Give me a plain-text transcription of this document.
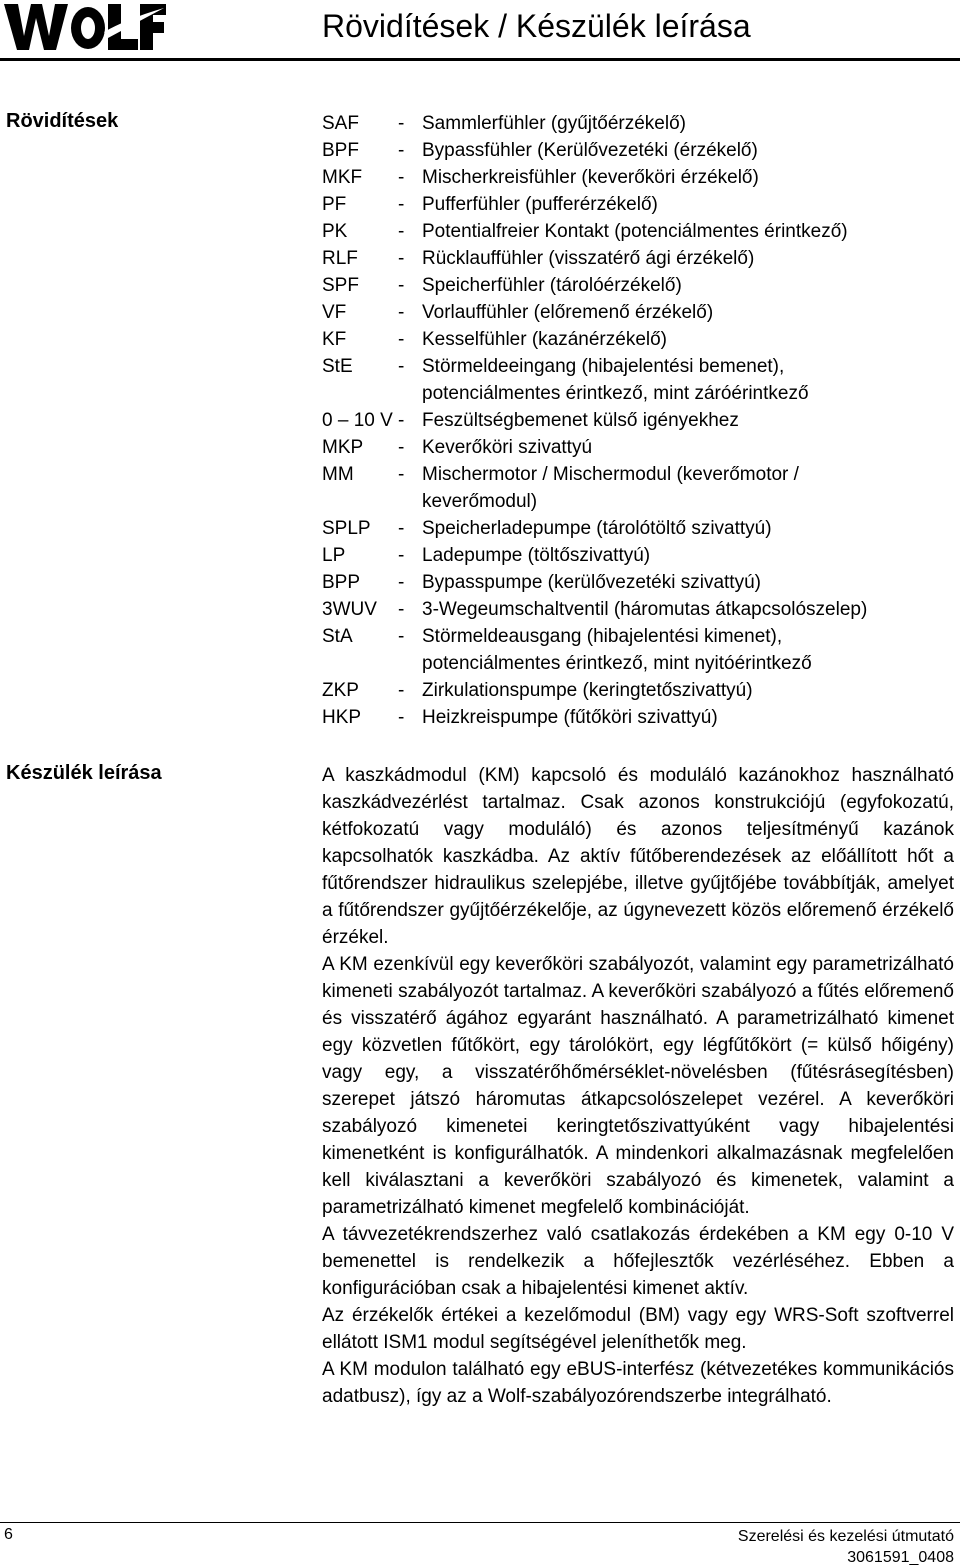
Rövidítések / Készülék leírása
Rövidítések	SAF - Sammlerfühler (gyűjtőérzékelő)
BPF - Bypassfühler (Kerülővezetéki (érzékelő)
MKF - Mischerkreisfühler (keverőköri érzékelő)
PF	- Pufferfühler (pufferérzékelő)
PK	- Potentialfreier Kontakt (potenciálmentes érintkező)
RLF - Rücklauffühler (visszatérő ági érzékelő)
SPF - Speicherfühler (tárolóérzékelő)
VF	- Vorlauffühler (előremenő érzékelő)
KF	- Kesselfühler (kazánérzékelő)
StE - Störmeldeeingang (hibajelentési bemenet),
potenciálmentes érintkező, mint záróérintkező
0 – 10 V - Feszültségbemenet külső igényekhez
MKP - Keverőköri szivattyú
MM - Mischermotor / Mischermodul (keverőmotor /
keverőmodul)
SPLP - Speicherladepumpe (tárolótöltő szivattyú)
LP	- Ladepumpe (töltőszivattyú)
BPP - Bypasspumpe (kerülővezetéki szivattyú)
3WUV - 3-Wegeumschaltventil (háromutas átkapcsolószelep)
StA - Störmeldeausgang (hibajelentési kimenet),
potenciálmentes érintkező, mint nyitóérintkező
ZKP - Zirkulationspumpe (keringtetőszivattyú)
HKP - Heizkreispumpe (fűtőköri szivattyú)
Készülék leírása	A kaszkádmodul (KM) kapcsoló és moduláló kazánokhoz használható kaszkádvezérlést tartalmaz. Csak azonos konstrukciójú (egyfokozatú, kétfokozatú vagy moduláló) és azonos teljesítményű kazánok kapcsolhatók kaszkádba. Az aktív fűtőberendezések az előállított hőt a fűtőrendszer hidraulikus szelepjébe, illetve gyűjtőjébe továbbítják, amelyet a fűtőrendszer gyűjtőérzékelője, az úgynevezett közös előremenő érzékelő érzékel.

A KM ezenkívül egy keverőköri szabályozót, valamint egy parametrizálható kimeneti szabályozót tartalmaz. A keverőköri szabályozó a fűtés előremenő és visszatérő ágához egyaránt használható. A parametrizálható kimenet egy közvetlen fűtőkört, egy tárolókört, egy légfűtőkört (= külső hőigény) vagy egy, a visszatérőhőmérséklet-növelésben (fűtésrásegítésben) szerepet játszó háromutas átkapcsolószelepet vezérel. A keverőköri szabályozó kimenetei keringtetőszivattyúként vagy hibajelentési kimenetként is konfigurálhatók. A mindenkori alkalmazásnak megfelelően kell kiválasztani a keverőköri szabályozó és kimenetek, valamint a parametrizálható kimenet megfelelő kombinációját.

A távvezetékrendszerhez való csatlakozás érdekében a KM egy 0-10 V bemenettel is rendelkezik a hőfejlesztők vezérléséhez. Ebben a konfigurációban csak a hibajelentési kimenet aktív.

Az érzékelők értékei a kezelőmodul (BM) vagy egy WRS-Soft szoftverrel ellátott ISM1 modul segítségével jeleníthetők meg.

A KM modulon található egy eBUS-interfész (kétvezetékes kommunikációs adatbusz), így az a Wolf-szabályozórendszerbe integrálható.

6	Szerelési és kezelési útmutató
3061591_0408
